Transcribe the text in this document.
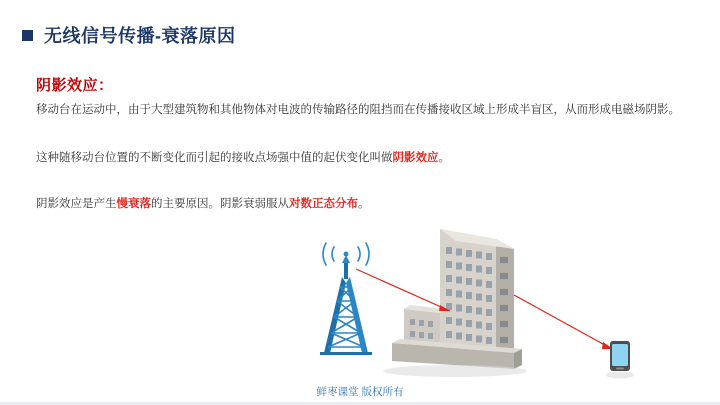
无线信号传播-衰落原因
阴影效应：
移动台在运动中，由于大型建筑物和其他物体对电波的传输路径的阻挡而在传播接收区域上形成半盲区，从而形成电磁场阴影。
这种随移动台位置的不断变化而引起的接收点场强中值的起伏变化叫做阴影效应。
阴影效应是产生慢衰落的主要原因。阴影衰弱服从对数正态分布。
鲜枣课堂 版权所有
